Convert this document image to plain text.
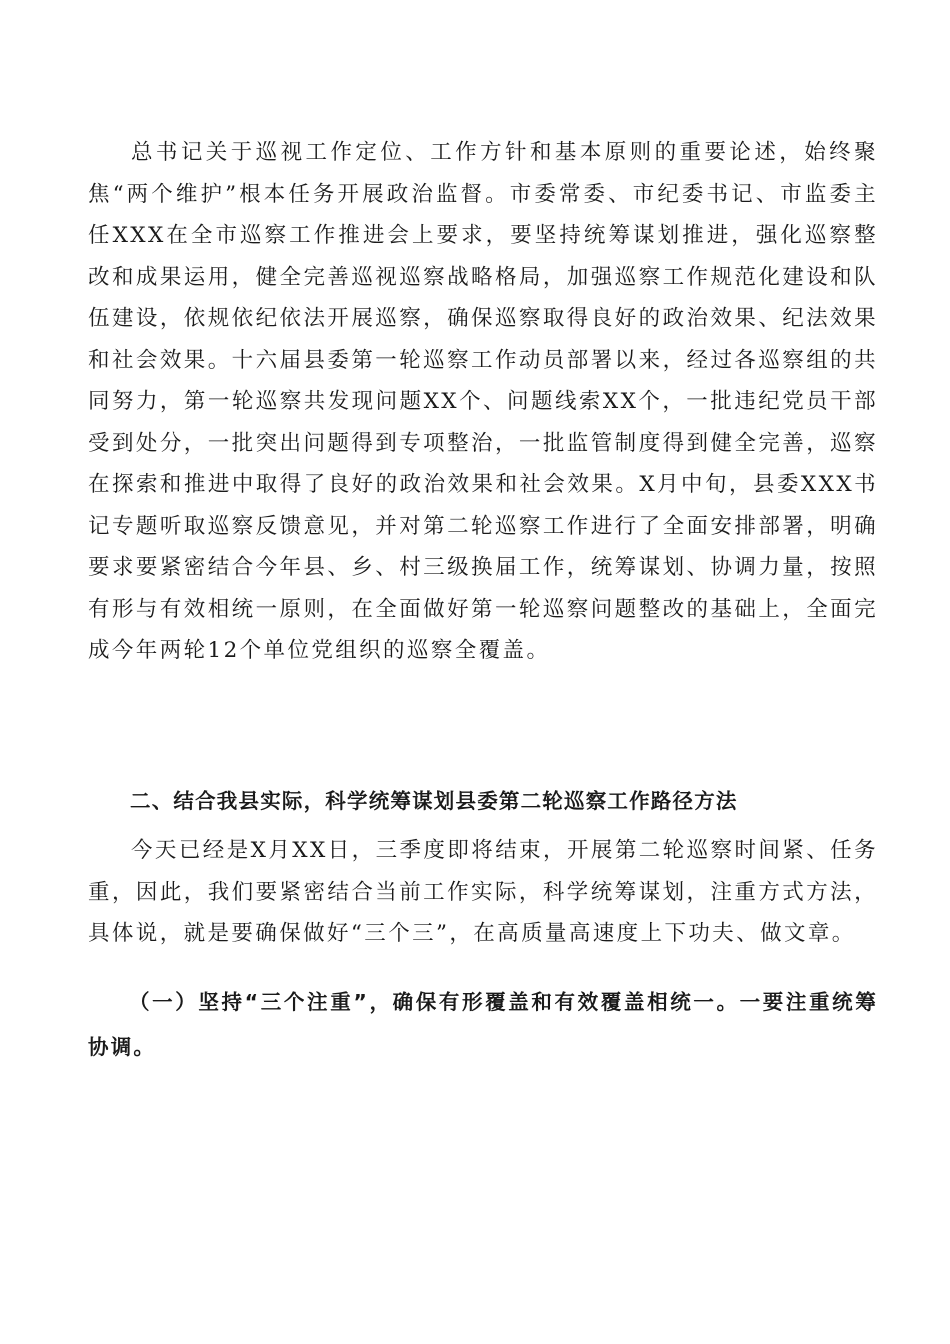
总书记关于巡视工作定位、工作方针和基本原则的重要论述，始终聚焦“两个维护”根本任务开展政治监督。市委常委、市纪委书记、市监委主任XXX在全市巡察工作推进会上要求，要坚持统筹谋划推进，强化巡察整改和成果运用，健全完善巡视巡察战略格局，加强巡察工作规范化建设和队伍建设，依规依纪依法开展巡察，确保巡察取得良好的政治效果、纪法效果和社会效果。十六届县委第一轮巡察工作动员部署以来，经过各巡察组的共同努力，第一轮巡察共发现问题XX个、问题线索XX个，一批违纪党员干部受到处分，一批突出问题得到专项整治，一批监管制度得到健全完善，巡察在探索和推进中取得了良好的政治效果和社会效果。X月中旬，县委XXX书记专题听取巡察反馈意见，并对第二轮巡察工作进行了全面安排部署，明确要求要紧密结合今年县、乡、村三级换届工作，统筹谋划、协调力量，按照有形与有效相统一原则，在全面做好第一轮巡察问题整改的基础上，全面完成今年两轮12个单位党组织的巡察全覆盖。

二、结合我县实际，科学统筹谋划县委第二轮巡察工作路径方法

今天已经是X月XX日，三季度即将结束，开展第二轮巡察时间紧、任务重，因此，我们要紧密结合当前工作实际，科学统筹谋划，注重方式方法，具体说，就是要确保做好“三个三”，在高质量高速度上下功夫、做文章。

（一）坚持“三个注重”，确保有形覆盖和有效覆盖相统一。一要注重统筹协调。
